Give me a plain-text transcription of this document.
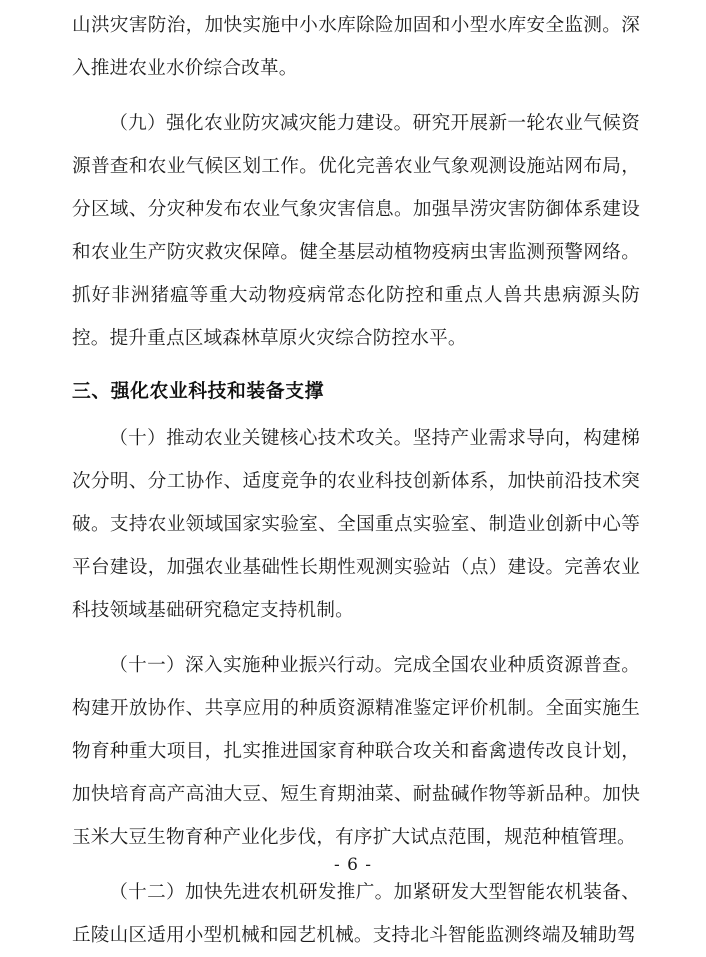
山洪灾害防治，加快实施中小水库除险加固和小型水库安全监测。深入推进农业水价综合改革。

（九）强化农业防灾减灾能力建设。研究开展新一轮农业气候资源普查和农业气候区划工作。优化完善农业气象观测设施站网布局，分区域、分灾种发布农业气象灾害信息。加强旱涝灾害防御体系建设和农业生产防灾救灾保障。健全基层动植物疫病虫害监测预警网络。抓好非洲猪瘟等重大动物疫病常态化防控和重点人兽共患病源头防控。提升重点区域森林草原火灾综合防控水平。

三、强化农业科技和装备支撑

（十）推动农业关键核心技术攻关。坚持产业需求导向，构建梯次分明、分工协作、适度竞争的农业科技创新体系，加快前沿技术突破。支持农业领域国家实验室、全国重点实验室、制造业创新中心等平台建设，加强农业基础性长期性观测实验站（点）建设。完善农业科技领域基础研究稳定支持机制。

（十一）深入实施种业振兴行动。完成全国农业种质资源普查。构建开放协作、共享应用的种质资源精准鉴定评价机制。全面实施生物育种重大项目，扎实推进国家育种联合攻关和畜禽遗传改良计划，加快培育高产高油大豆、短生育期油菜、耐盐碱作物等新品种。加快玉米大豆生物育种产业化步伐，有序扩大试点范围，规范种植管理。

（十二）加快先进农机研发推广。加紧研发大型智能农机装备、丘陵山区适用小型机械和园艺机械。支持北斗智能监测终端及辅助驾

- 6 -
